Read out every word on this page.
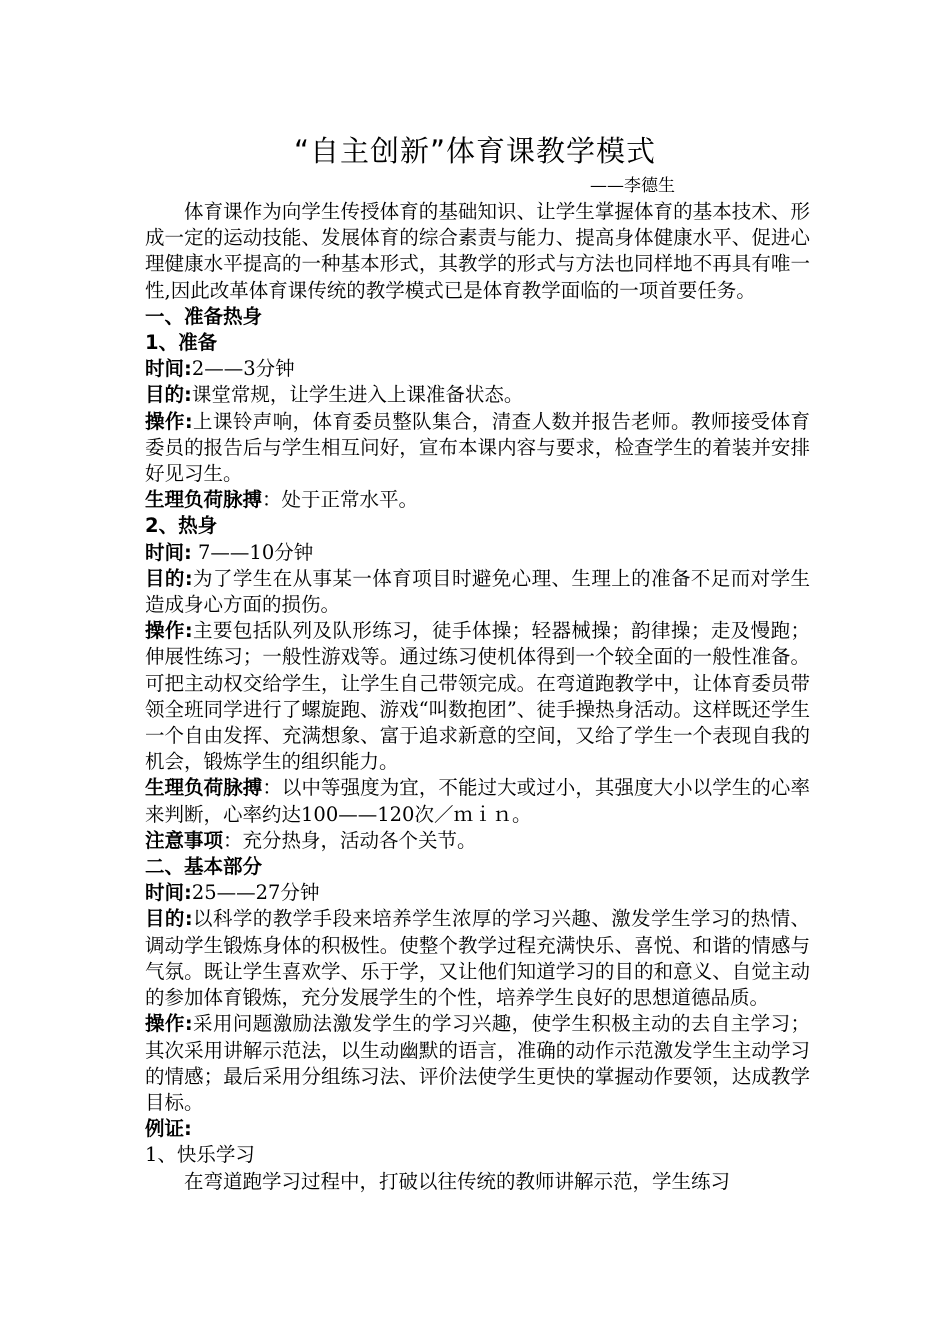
“自主创新”体育课教学模式
——李德生

体育课作为向学生传授体育的基础知识、让学生掌握体育的基本技术、形成一定的运动技能、发展体育的综合素责与能力、提高身体健康水平、促进心理健康水平提高的一种基本形式，其教学的形式与方法也同样地不再具有唯一性,因此改革体育课传统的教学模式已是体育教学面临的一项首要任务。

一、准备热身

1、准备

时间:2——3分钟

目的:课堂常规，让学生进入上课准备状态。

操作:上课铃声响，体育委员整队集合，清查人数并报告老师。教师接受体育委员的报告后与学生相互问好，宣布本课内容与要求，检查学生的着装并安排好见习生。

生理负荷脉搏：处于正常水平。

2、热身

时间: 7——10分钟

目的:为了学生在从事某一体育项目时避免心理、生理上的准备不足而对学生造成身心方面的损伤。

操作:主要包括队列及队形练习，徒手体操；轻器械操；韵律操；走及慢跑；伸展性练习；一般性游戏等。通过练习使机体得到一个较全面的一般性准备。可把主动权交给学生，让学生自己带领完成。在弯道跑教学中，让体育委员带领全班同学进行了螺旋跑、游戏“叫数抱团”、徒手操热身活动。这样既还学生一个自由发挥、充满想象、富于追求新意的空间，又给了学生一个表现自我的机会，锻炼学生的组织能力。

生理负荷脉搏：以中等强度为宜，不能过大或过小，其强度大小以学生的心率来判断，心率约达100——120次／ｍｉｎ。

注意事项：充分热身，活动各个关节。

二、基本部分

时间:25——27分钟

目的:以科学的教学手段来培养学生浓厚的学习兴趣、激发学生学习的热情、调动学生锻炼身体的积极性。使整个教学过程充满快乐、喜悦、和谐的情感与气氛。既让学生喜欢学、乐于学，又让他们知道学习的目的和意义、自觉主动的参加体育锻炼，充分发展学生的个性，培养学生良好的思想道德品质。

操作:采用问题激励法激发学生的学习兴趣，使学生积极主动的去自主学习；其次采用讲解示范法，以生动幽默的语言，准确的动作示范激发学生主动学习的情感；最后采用分组练习法、评价法使学生更快的掌握动作要领，达成教学目标。

例证:

1、快乐学习

在弯道跑学习过程中，打破以往传统的教师讲解示范，学生练习
